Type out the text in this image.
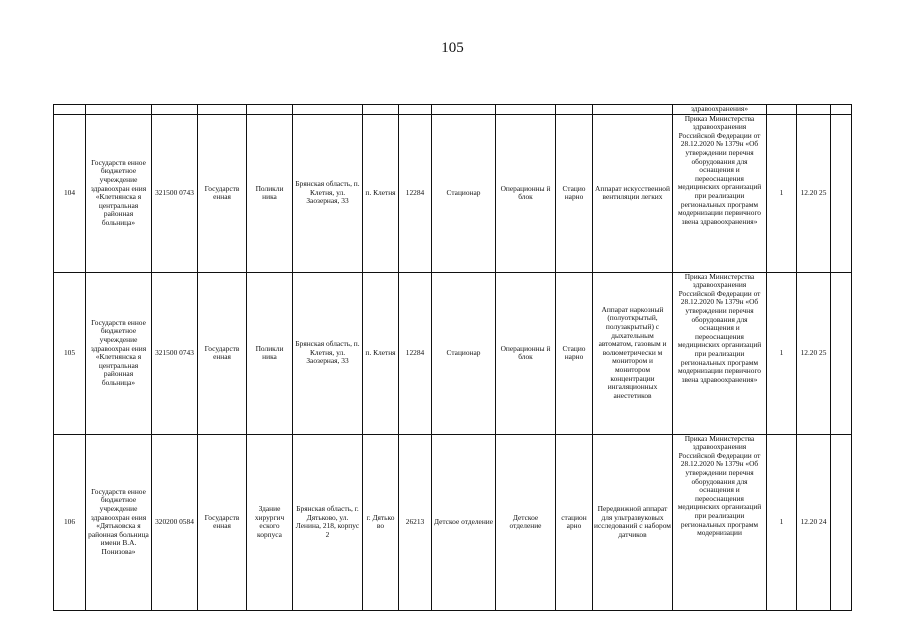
105
												здравоохранения»			
104	Государств енное бюджетное учреждение здравоохран ения «Клетнянска я центральная районная больница»	321500 0743	Государств енная	Поликли ника	Брянская область, п. Клетня, ул. Заозерная, 33	п. Клетня	12284	Стационар	Операционны й блок	Стацио нарно	Аппарат искусственной вентиляции легких	Приказ Министерства здравоохранения Российской Федерации от 28.12.2020 № 1379н «Об утверждении перечня оборудования для оснащения и переоснащения медицинских организаций при реализации региональных программ модернизации первичного звена здравоохранения»	1	12.20 25	
105	Государств енное бюджетное учреждение здравоохран ения «Клетнянска я центральная районная больница»	321500 0743	Государств енная	Поликли ника	Брянская область, п. Клетня, ул. Заозерная, 33	п. Клетня	12284	Стационар	Операционны й блок	Стацио нарно	Аппарат наркозный (полуоткрытый, полузакрытый) с дыхательным автоматом, газовым и волюметрически м монитором и монитором концентрации ингаляционных анестетиков	Приказ Министерства здравоохранения Российской Федерации от 28.12.2020 № 1379н «Об утверждении перечня оборудования для оснащения и переоснащения медицинских организаций при реализации региональных программ модернизации первичного звена здравоохранения»	1	12.20 25	
106	Государств енное бюджетное учреждение здравоохран ения «Дятьковска я районная больница имени В.А. Понизова»	320200 0584	Государств енная	Здание хирургич еского корпуса	Брянская область, г. Дятьково, ул. Ленина, 218, корпус 2	г. Дятько во	26213	Детское отделение	Детское отделение	стацион арно	Передвижной аппарат для ультразвуковых исследований с набором датчиков	Приказ Министерства здравоохранения Российской Федерации от 28.12.2020 № 1379н «Об утверждении перечня оборудования для оснащения и переоснащения медицинских организаций при реализации региональных программ модернизации	1	12.20 24	
